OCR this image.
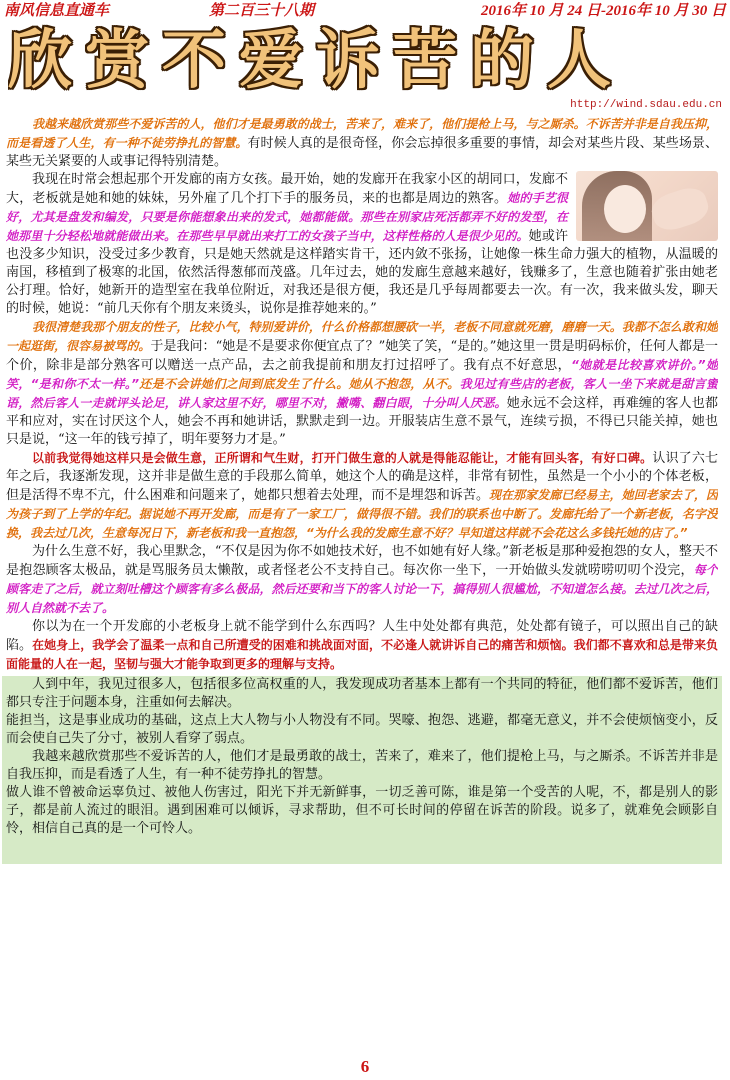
南风信息直通车	第二百三十八期	2016年 10 月 24 日-2016年 10 月 30 日
欣赏不爱诉苦的人
http://wind.sdau.edu.cn

我越来越欣赏那些不爱诉苦的人，他们才是最勇敢的战士，苦来了，难来了，他们提枪上马，与之厮杀。不诉苦并非是自我压抑，而是看透了人生，有一种不徒劳挣扎的智慧。有时候人真的是很奇怪，你会忘掉很多重要的事情，却会对某些片段、某些场景、某些无关紧要的人或事记得特别清楚。

我现在时常会想起那个开发廊的南方女孩。最开始，她的发廊开在我家小区的胡同口，发廊不大，老板就是她和她的妹妹，另外雇了几个打下手的服务员，来的也都是周边的熟客。她的手艺很好，尤其是盘发和编发，只要是你能想象出来的发式，她都能做。那些在别家店死活都弄不好的发型，在她那里十分轻松地就能做出来。在那些早早就出来打工的女孩子当中，这样性格的人是很少见的。她或许也没多少知识，没受过多少教育，只是她天然就是这样踏实肯干，还内敛不张扬，让她像一株生命力强大的植物，从温暖的南国，移植到了极寒的北国，依然活得葱郁而茂盛。几年过去，她的发廊生意越来越好，钱赚多了，生意也随着扩张由她老公打理。恰好，她新开的造型室在我单位附近，对我还是很方便，我还是几乎每周都要去一次。有一次，我来做头发，聊天的时候，她说：“前几天你有个朋友来烫头，说你是推荐她来的。”

我很清楚我那个朋友的性子，比较小气，特别爱讲价，什么价格都想腰砍一半，老板不同意就死磨，磨磨一天。我都不怎么敢和她一起逛街，很容易被骂的。于是我问：“她是不是要求你便宜点了？”她笑了笑，“是的。”她这里一贯是明码标价，任何人都是一个价，除非是部分熟客可以赠送一点产品，去之前我提前和朋友打过招呼了。我有点不好意思，“她就是比较喜欢讲价。”她笑，“是和你不太一样。”还是不会讲她们之间到底发生了什么。她从不抱怨，从不。我见过有些店的老板，客人一坐下来就是甜言蜜语，然后客人一走就评头论足，讲人家这里不好，哪里不对，撇嘴、翻白眼，十分叫人厌恶。她永远不会这样，再难缠的客人也都平和应对，实在讨厌这个人，她会不再和她讲话，默默走到一边。开服装店生意不景气，连续亏损，不得已只能关掉，她也只是说，“这一年的钱亏掉了，明年要努力才是。”

以前我觉得她这样只是会做生意，正所谓和气生财，打开门做生意的人就是得能忍能让，才能有回头客，有好口碑。认识了六七年之后，我逐渐发现，这并非是做生意的手段那么简单，她这个人的确是这样，非常有韧性，虽然是一个小小的个体老板，但是活得不卑不亢，什么困难和问题来了，她都只想着去处理，而不是埋怨和诉苦。现在那家发廊已经易主，她回老家去了，因为孩子到了上学的年纪。据说她不再开发廊，而是有了一家工厂，做得很不错。我们的联系也中断了。发廊托给了一个新老板，名字没换，我去过几次，生意每况日下，新老板和我一直抱怨，“为什么我的发廊生意不好？早知道这样就不会花这么多钱托她的店了。”

为什么生意不好，我心里默念，“不仅是因为你不如她技术好，也不如她有好人缘。”新老板是那种爱抱怨的女人，整天不是抱怨顾客太极品，就是骂服务员太懒散，或者怪老公不支持自己。每次你一坐下，一开始做头发就唠唠叨叨个没完，每个顾客走了之后，就立刻吐槽这个顾客有多么极品，然后还要和当下的客人讨论一下，搞得别人很尴尬，不知道怎么接。去过几次之后，别人自然就不去了。

你以为在一个开发廊的小老板身上就不能学到什么东西吗？人生中处处都有典范，处处都有镜子，可以照出自己的缺陷。在她身上，我学会了温柔一点和自己所遭受的困难和挑战面对面，不必逢人就讲诉自己的痛苦和烦恼。我们都不喜欢和总是带来负面能量的人在一起，坚韧与强大才能争取到更多的理解与支持。

人到中年，我见过很多人，包括很多位高权重的人，我发现成功者基本上都有一个共同的特征，他们都不爱诉苦，他们都只专注于问题本身，注重如何去解决。

能担当，这是事业成功的基础，这点上大人物与小人物没有不同。哭嚎、抱怨、逃避，都毫无意义，并不会使烦恼变小，反而会使自己失了分寸，被别人看穿了弱点。

我越来越欣赏那些不爱诉苦的人，他们才是最勇敢的战士，苦来了，难来了，他们提枪上马，与之厮杀。不诉苦并非是自我压抑，而是看透了人生，有一种不徒劳挣扎的智慧。

做人谁不曾被命运辜负过、被他人伤害过，阳光下并无新鲜事，一切乏善可陈，谁是第一个受苦的人呢，不，都是别人的影子，都是前人流过的眼泪。遇到困难可以倾诉，寻求帮助，但不可长时间的停留在诉苦的阶段。说多了，就难免会顾影自怜，相信自己真的是一个可怜人。

6
